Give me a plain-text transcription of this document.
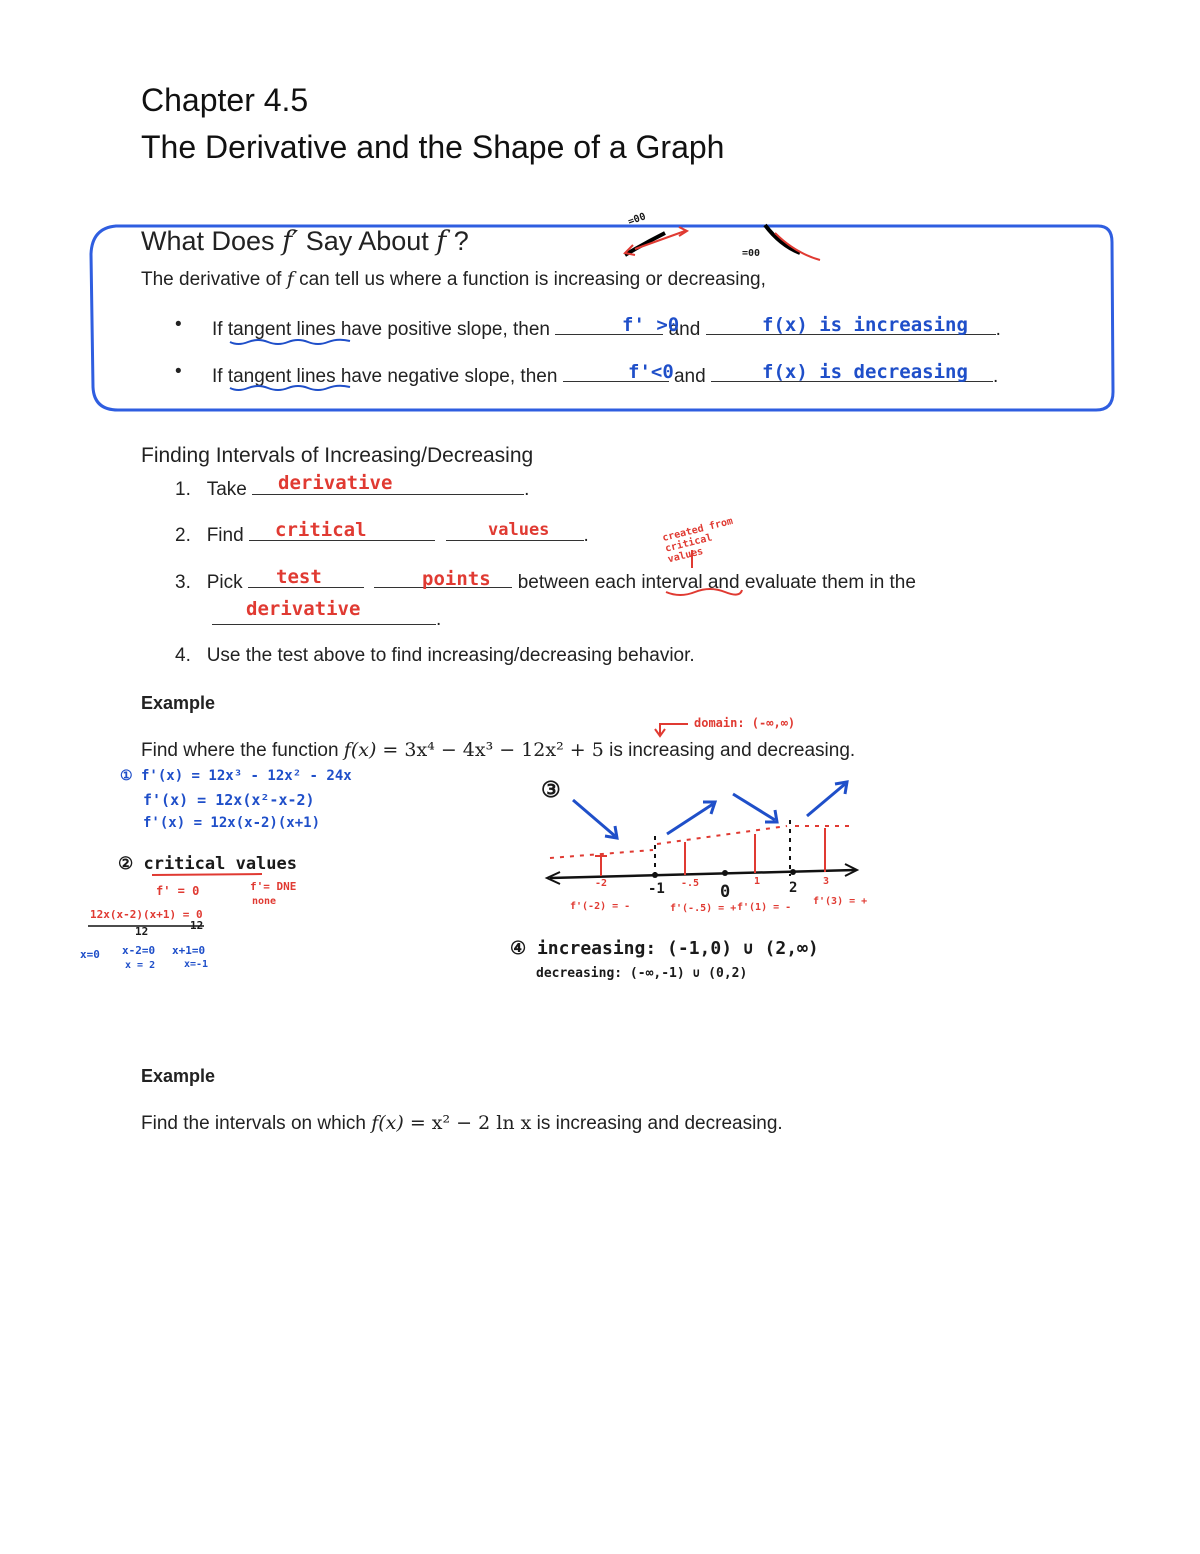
Chapter 4.5
The Derivative and the Shape of a Graph
What Does f′ Say About f ?
The derivative of f can tell us where a function is increasing or decreasing,
=00
=00
• If tangent lines have positive slope, then	and	.
f' >0	f(x) is increasing
• If tangent lines have negative slope, then	and	.
f'<0	f(x) is decreasing
Finding Intervals of Increasing/Decreasing
1. Take	.
derivative
2. Find	.
critical	values	created from critical values
3. Pick	between each interval and evaluate them in the
test	points
.
derivative
4. Use the test above to find increasing/decreasing behavior.
Example
Find where the function f(x) = 3x⁴ − 4x³ − 12x² + 5 is increasing and decreasing.
domain: (-∞,∞)
① f'(x) = 12x³ - 12x² - 24x
f'(x) = 12x(x²-x-2)
f'(x) = 12x(x-2)(x+1)
② critical values
f' = 0	f'= DNE
none
12x(x-2)(x+1) = 0
12	12
x=0 x-2=0
x = 2
x+1=0
x=-1
③
-1	0	2
-2	-.5	1	3
f'(-2) = -	f'(-.5) = + f'(1) = -
f'(3) = +
④ increasing: (-1,0) ∪ (2,∞)
decreasing: (-∞,-1) ∪ (0,2)
Example
Find the intervals on which f(x) = x² − 2 ln x is increasing and decreasing.
